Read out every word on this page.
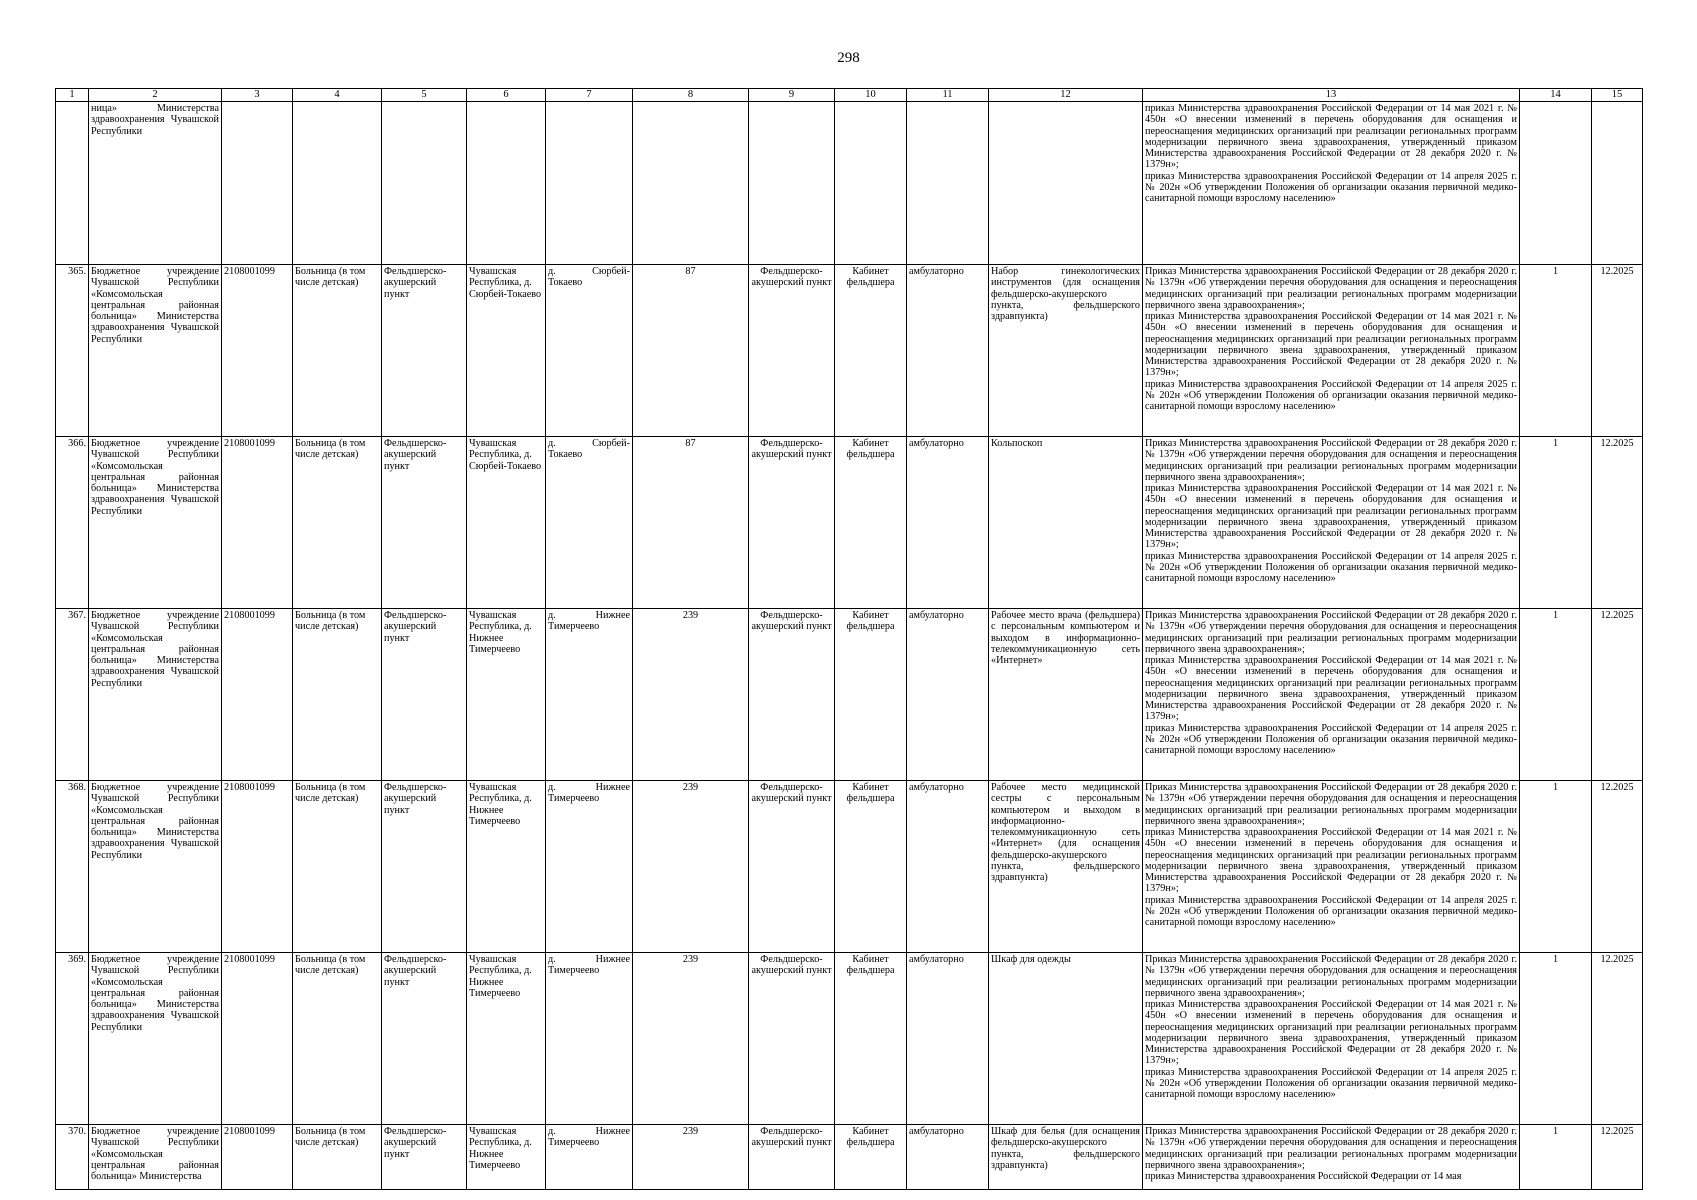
298
1	2	3	4	5	6	7	8	9	10	11	12	13	14	15
	ница» Министерства здравоохранения Чувашской Республики											приказ Министерства здравоохранения Российской Федерации от 14 мая 2021 г. № 450н «О внесении изменений в перечень оборудования для оснащения и переоснащения медицинских организаций при реализации региональных программ модернизации первичного звена здравоохранения, утвержденный приказом Министерства здравоохранения Российской Федерации от 28 декабря 2020 г. № 1379н»;
приказ Министерства здравоохранения Российской Федерации от 14 апреля 2025 г. № 202н «Об утверждении Положения об организации оказания первичной медико-санитарной помощи взрослому населению»		
365.	Бюджетное учреждение Чувашской Республики «Комсомольская центральная районная больница» Министерства здравоохранения Чувашской Республики	2108001099	Больница (в том числе детская)	Фельдшерско-акушерский пункт	Чувашская Республика, д. Сюрбей-Токаево	д. Сюрбей-Токаево	87	Фельдшерско-акушерский пункт	Кабинет фельдшера	амбулаторно	Набор гинекологических инструментов (для оснащения фельдшерско-акушерского пункта, фельдшерского здравпункта)	Приказ Министерства здравоохранения Российской Федерации от 28 декабря 2020 г. № 1379н «Об утверждении перечня оборудования для оснащения и переоснащения медицинских организаций при реализации региональных программ модернизации первичного звена здравоохранения»;
приказ Министерства здравоохранения Российской Федерации от 14 мая 2021 г. № 450н «О внесении изменений в перечень оборудования для оснащения и переоснащения медицинских организаций при реализации региональных программ модернизации первичного звена здравоохранения, утвержденный приказом Министерства здравоохранения Российской Федерации от 28 декабря 2020 г. № 1379н»;
приказ Министерства здравоохранения Российской Федерации от 14 апреля 2025 г. № 202н «Об утверждении Положения об организации оказания первичной медико-санитарной помощи взрослому населению»	1	12.2025
366.	Бюджетное учреждение Чувашской Республики «Комсомольская центральная районная больница» Министерства здравоохранения Чувашской Республики	2108001099	Больница (в том числе детская)	Фельдшерско-акушерский пункт	Чувашская Республика, д. Сюрбей-Токаево	д. Сюрбей-Токаево	87	Фельдшерско-акушерский пункт	Кабинет фельдшера	амбулаторно	Кольпоскоп	Приказ Министерства здравоохранения Российской Федерации от 28 декабря 2020 г. № 1379н «Об утверждении перечня оборудования для оснащения и переоснащения медицинских организаций при реализации региональных программ модернизации первичного звена здравоохранения»;
приказ Министерства здравоохранения Российской Федерации от 14 мая 2021 г. № 450н «О внесении изменений в перечень оборудования для оснащения и переоснащения медицинских организаций при реализации региональных программ модернизации первичного звена здравоохранения, утвержденный приказом Министерства здравоохранения Российской Федерации от 28 декабря 2020 г. № 1379н»;
приказ Министерства здравоохранения Российской Федерации от 14 апреля 2025 г. № 202н «Об утверждении Положения об организации оказания первичной медико-санитарной помощи взрослому населению»	1	12.2025
367.	Бюджетное учреждение Чувашской Республики «Комсомольская центральная районная больница» Министерства здравоохранения Чувашской Республики	2108001099	Больница (в том числе детская)	Фельдшерско-акушерский пункт	Чувашская Республика, д. Нижнее Тимерчеево	д. Нижнее Тимерчеево	239	Фельдшерско-акушерский пункт	Кабинет фельдшера	амбулаторно	Рабочее место врача (фельдшера) с персональным компьютером и выходом в информационно-телекоммуникационную сеть «Интернет»	Приказ Министерства здравоохранения Российской Федерации от 28 декабря 2020 г. № 1379н «Об утверждении перечня оборудования для оснащения и переоснащения медицинских организаций при реализации региональных программ модернизации первичного звена здравоохранения»;
приказ Министерства здравоохранения Российской Федерации от 14 мая 2021 г. № 450н «О внесении изменений в перечень оборудования для оснащения и переоснащения медицинских организаций при реализации региональных программ модернизации первичного звена здравоохранения, утвержденный приказом Министерства здравоохранения Российской Федерации от 28 декабря 2020 г. № 1379н»;
приказ Министерства здравоохранения Российской Федерации от 14 апреля 2025 г. № 202н «Об утверждении Положения об организации оказания первичной медико-санитарной помощи взрослому населению»	1	12.2025
368.	Бюджетное учреждение Чувашской Республики «Комсомольская центральная районная больница» Министерства здравоохранения Чувашской Республики	2108001099	Больница (в том числе детская)	Фельдшерско-акушерский пункт	Чувашская Республика, д. Нижнее Тимерчеево	д. Нижнее Тимерчеево	239	Фельдшерско-акушерский пункт	Кабинет фельдшера	амбулаторно	Рабочее место медицинской сестры с персональным компьютером и выходом в информационно-телекоммуникационную сеть «Интернет» (для оснащения фельдшерско-акушерского пункта, фельдшерского здравпункта)	Приказ Министерства здравоохранения Российской Федерации от 28 декабря 2020 г. № 1379н «Об утверждении перечня оборудования для оснащения и переоснащения медицинских организаций при реализации региональных программ модернизации первичного звена здравоохранения»;
приказ Министерства здравоохранения Российской Федерации от 14 мая 2021 г. № 450н «О внесении изменений в перечень оборудования для оснащения и переоснащения медицинских организаций при реализации региональных программ модернизации первичного звена здравоохранения, утвержденный приказом Министерства здравоохранения Российской Федерации от 28 декабря 2020 г. № 1379н»;
приказ Министерства здравоохранения Российской Федерации от 14 апреля 2025 г. № 202н «Об утверждении Положения об организации оказания первичной медико-санитарной помощи взрослому населению»	1	12.2025
369.	Бюджетное учреждение Чувашской Республики «Комсомольская центральная районная больница» Министерства здравоохранения Чувашской Республики	2108001099	Больница (в том числе детская)	Фельдшерско-акушерский пункт	Чувашская Республика, д. Нижнее Тимерчеево	д. Нижнее Тимерчеево	239	Фельдшерско-акушерский пункт	Кабинет фельдшера	амбулаторно	Шкаф для одежды	Приказ Министерства здравоохранения Российской Федерации от 28 декабря 2020 г. № 1379н «Об утверждении перечня оборудования для оснащения и переоснащения медицинских организаций при реализации региональных программ модернизации первичного звена здравоохранения»;
приказ Министерства здравоохранения Российской Федерации от 14 мая 2021 г. № 450н «О внесении изменений в перечень оборудования для оснащения и переоснащения медицинских организаций при реализации региональных программ модернизации первичного звена здравоохранения, утвержденный приказом Министерства здравоохранения Российской Федерации от 28 декабря 2020 г. № 1379н»;
приказ Министерства здравоохранения Российской Федерации от 14 апреля 2025 г. № 202н «Об утверждении Положения об организации оказания первичной медико-санитарной помощи взрослому населению»	1	12.2025
370.	Бюджетное учреждение Чувашской Республики «Комсомольская центральная районная больница» Министерства	2108001099	Больница (в том числе детская)	Фельдшерско-акушерский пункт	Чувашская Республика, д. Нижнее Тимерчеево	д. Нижнее Тимерчеево	239	Фельдшерско-акушерский пункт	Кабинет фельдшера	амбулаторно	Шкаф для белья (для оснащения фельдшерско-акушерского пункта, фельдшерского здравпункта)	Приказ Министерства здравоохранения Российской Федерации от 28 декабря 2020 г. № 1379н «Об утверждении перечня оборудования для оснащения и переоснащения медицинских организаций при реализации региональных программ модернизации первичного звена здравоохранения»;
приказ Министерства здравоохранения Российской Федерации от 14 мая	1	12.2025
